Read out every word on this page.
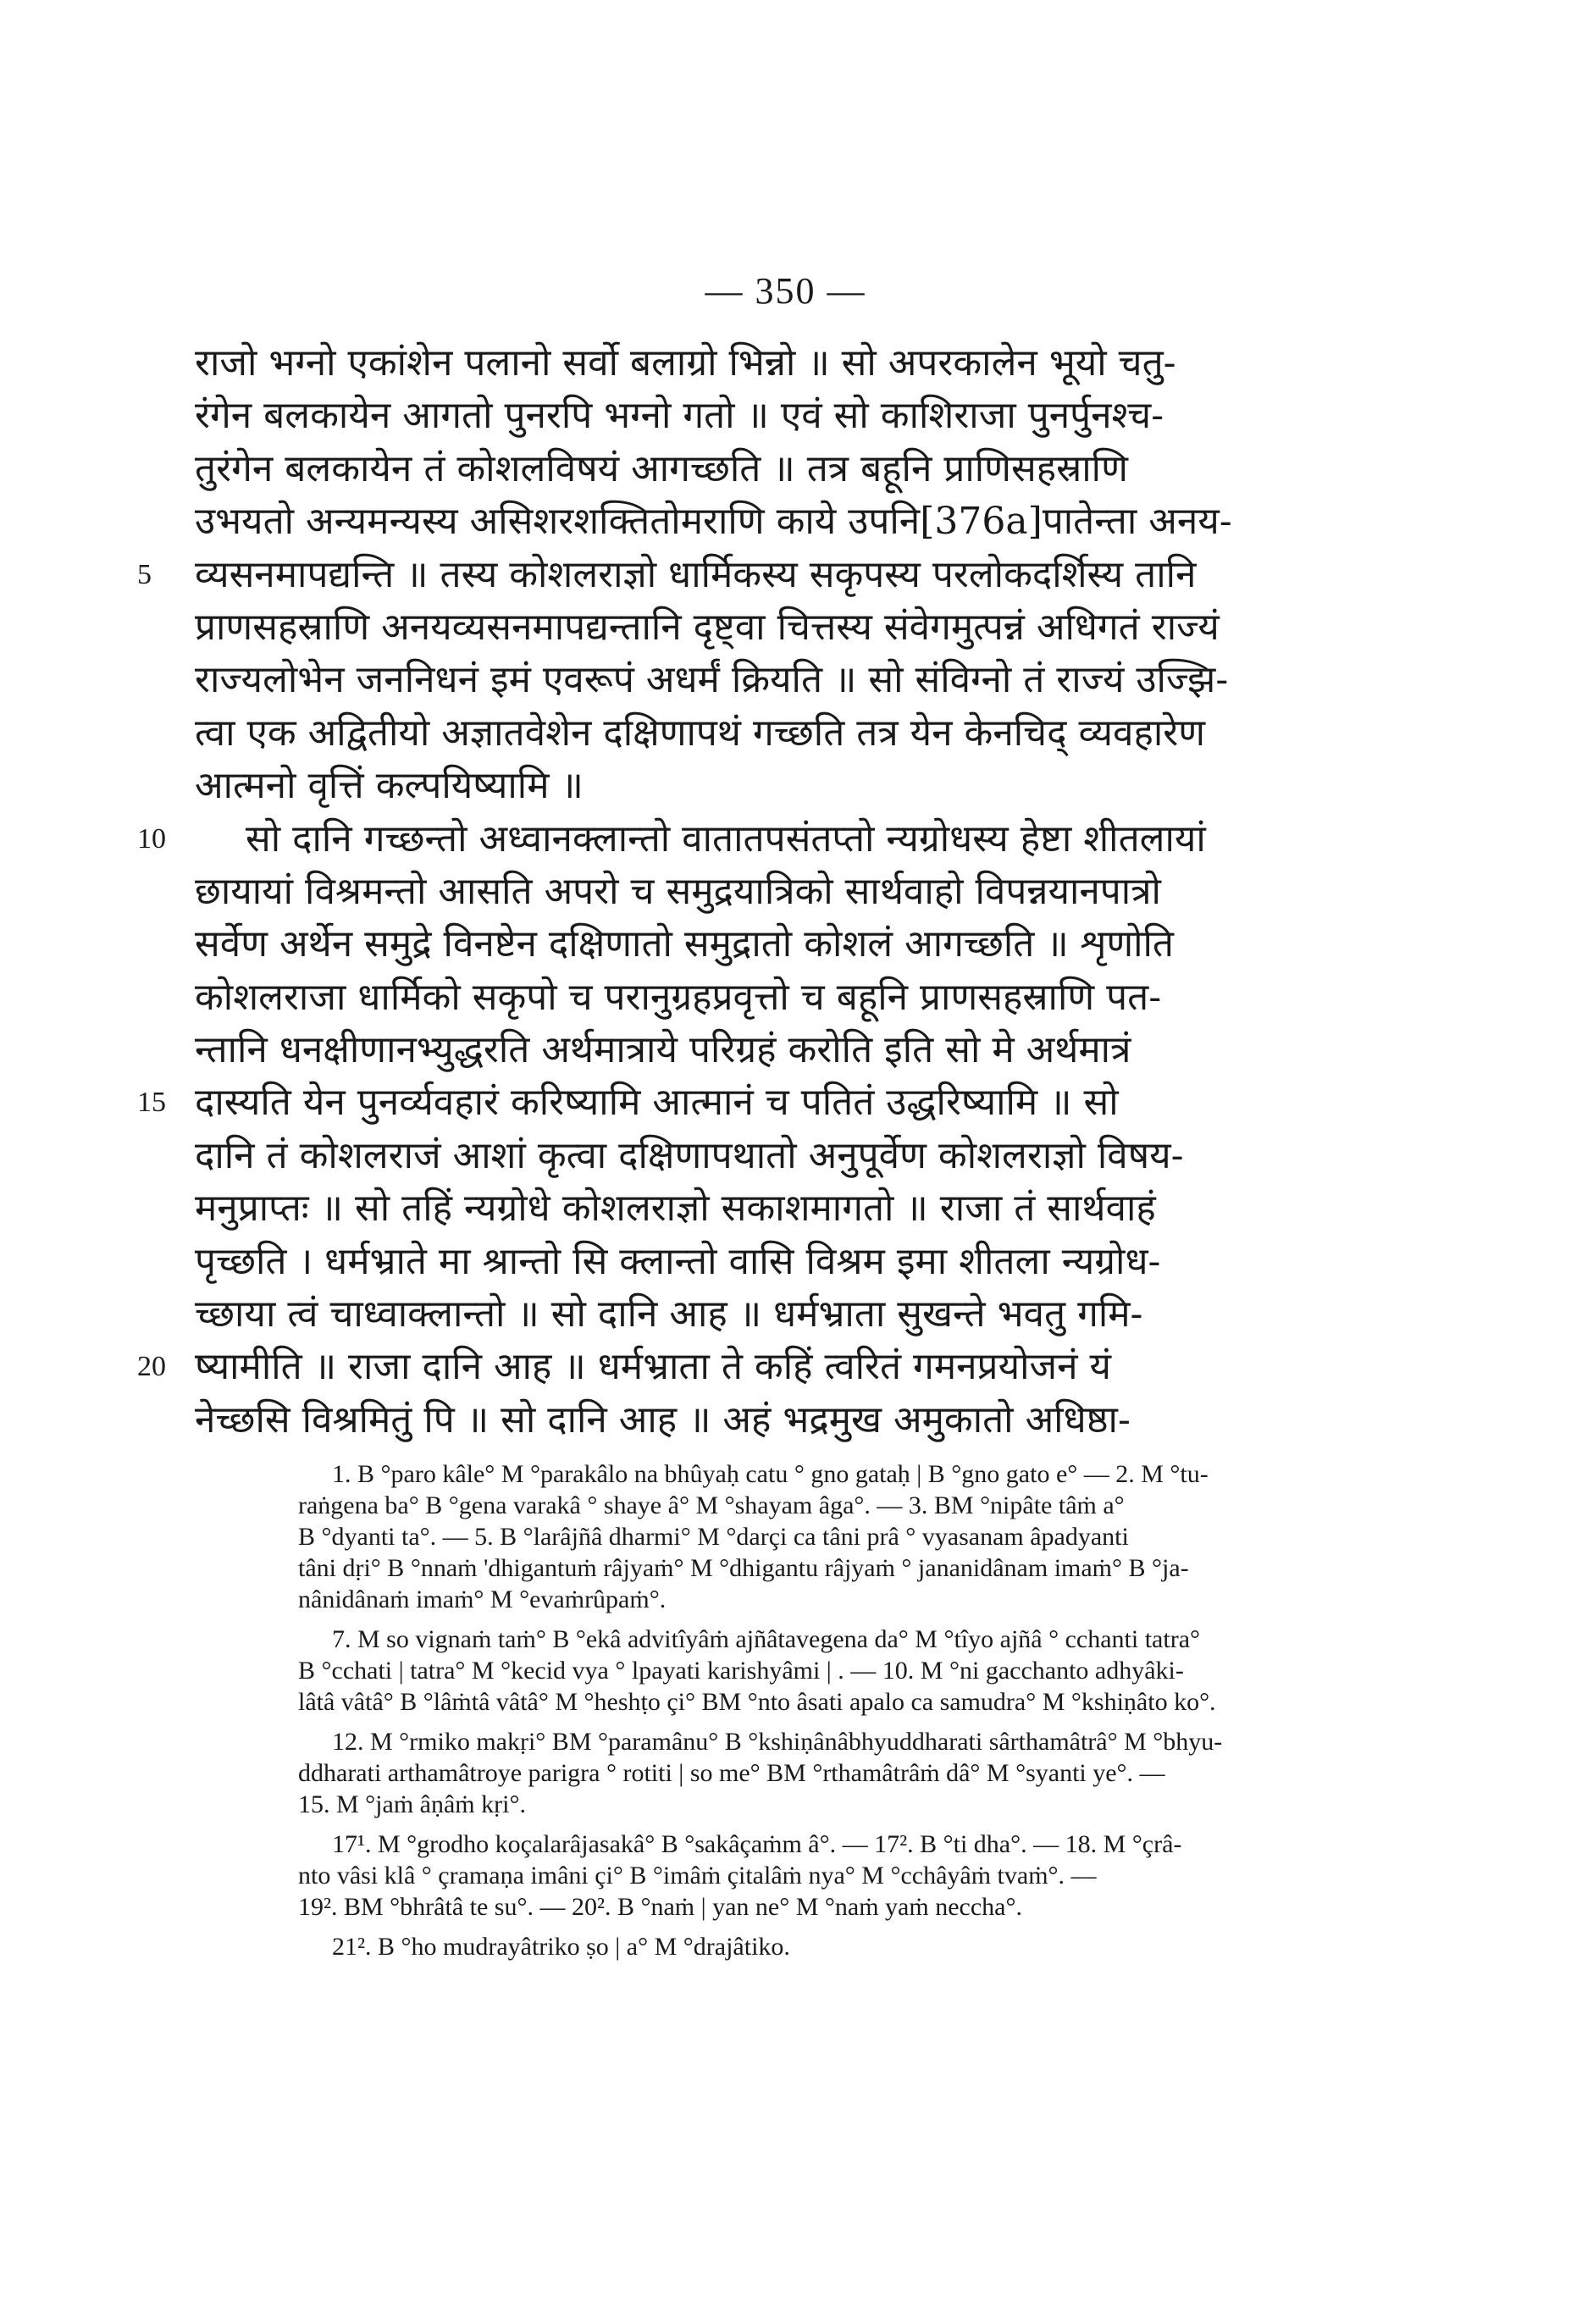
— 350 —
राजो भग्नो एकांशेन पलानो सर्वो बलाग्रो भिन्नो ॥ सो अपरकालेन भूयो चतु-
रंगेन बलकायेन आगतो पुनरपि भग्नो गतो ॥ एवं सो काशिराजा पुनर्पुनश्च-
तुरंगेन बलकायेन तं कोशलविषयं आगच्छति ॥ तत्र बहूनि प्राणिसहस्राणि
उभयतो अन्यमन्यस्य असिशरशक्तितोमराणि काये उपनि[376a]पातेन्ता अनय-
5 व्यसनमापद्यन्ति ॥ तस्य कोशलराज्ञो धार्मिकस्य सकृपस्य परलोकदर्शिस्य तानि
प्राणसहस्राणि अनयव्यसनमापद्यन्तानि दृष्ट्वा चित्तस्य संवेगमुत्पन्नं अधिगतं राज्यं
राज्यलोभेन जननिधनं इमं एवरूपं अधर्मं क्रियति ॥ सो संविग्नो तं राज्यं उज्झि-
त्वा एक अद्वितीयो अज्ञातवेशेन दक्षिणापथं गच्छति तत्र येन केनचिद् व्यवहारेण
आत्मनो वृत्तिं कल्पयिष्यामि ॥
10 सो दानि गच्छन्तो अध्वानक्लान्तो वातातपसंतप्तो न्यग्रोधस्य हेष्टा शीतलायां
छायायां विश्रमन्तो आसति अपरो च समुद्रयात्रिको सार्थवाहो विपन्नयानपात्रो
सर्वेण अर्थेन समुद्रे विनष्टेन दक्षिणातो समुद्रातो कोशलं आगच्छति ॥ शृणोति
कोशलराजा धार्मिको सकृपो च परानुग्रहप्रवृत्तो च बहूनि प्राणसहस्राणि पत-
न्तानि धनक्षीणानभ्युद्धरति अर्थमात्राये परिग्रहं करोति इति सो मे अर्थमात्रं
15 दास्यति येन पुनर्व्यवहारं करिष्यामि आत्मानं च पतितं उद्धरिष्यामि ॥ सो
दानि तं कोशलराजं आशां कृत्वा दक्षिणापथातो अनुपूर्वेण कोशलराज्ञो विषय-
मनुप्राप्तः ॥ सो तहिं न्यग्रोधे कोशलराज्ञो सकाशमागतो ॥ राजा तं सार्थवाहं
पृच्छति । धर्मभ्राते मा श्रान्तो सि क्लान्तो वासि विश्रम इमा शीतला न्यग्रोध-
च्छाया त्वं चाध्वाक्लान्तो ॥ सो दानि आह ॥ धर्मभ्राता सुखन्ते भवतु गमि-
20 ष्यामीति ॥ राजा दानि आह ॥ धर्मभ्राता ते कहिं त्वरितं गमनप्रयोजनं यं
नेच्छसि विश्रमितुं पि ॥ सो दानि आह ॥ अहं भद्रमुख अमुकातो अधिष्ठा-
1. B °paro kâle° M °parakâlo na bhûyaḥ catu ° gno gataḥ | B °gno gato e° — 2. M °tu-
raṅgena ba° B °gena varakâ ° shaye â° M °shayam âga°. — 3. BM °nipâte tâṁ a°
B °dyanti ta°. — 5. B °larâjñâ dharmi° M °darçi ca tâni prâ ° vyasanam âpadyanti
tâni dṛi° B °nnaṁ 'dhigantuṁ râjyaṁ° M °dhigantu râjyaṁ ° jananidânam imaṁ° B °ja-
nânidânaṁ imaṁ° M °evaṁrûpaṁ°.
7. M so vignaṁ taṁ° B °ekâ advitîyâṁ ajñâtavegena da° M °tîyo ajñâ ° cchanti tatra°
B °cchati | tatra° M °kecid vya ° lpayati karishyâmi | . — 10. M °ni gacchanto adhyâki-
lâtâ vâtâ° B °lâṁtâ vâtâ° M °heshṭo çi° BM °nto âsati apalo ca samudra° M °kshiṇâto ko°.
12. M °rmiko makṛi° BM °paramânu° B °kshiṇânâbhyuddharati sârthamâtrâ° M °bhyu-
ddharati arthamâtroye parigra ° rotiti | so me° BM °rthamâtrâṁ dâ° M °syanti ye°. —
15. M °jaṁ âṇâṁ kṛi°.
17¹. M °grodho koçalarâjasakâ° B °sakâçaṁm â°. — 17². B °ti dha°. — 18. M °çrâ-
nto vâsi klâ ° çramaṇa imâni çi° B °imâṁ çitalâṁ nya° M °cchâyâṁ tvaṁ°. —
19². BM °bhrâtâ te su°. — 20². B °naṁ | yan ne° M °naṁ yaṁ neccha°.
21². B °ho mudrayâtriko ṣo | a° M °drajâtiko.
